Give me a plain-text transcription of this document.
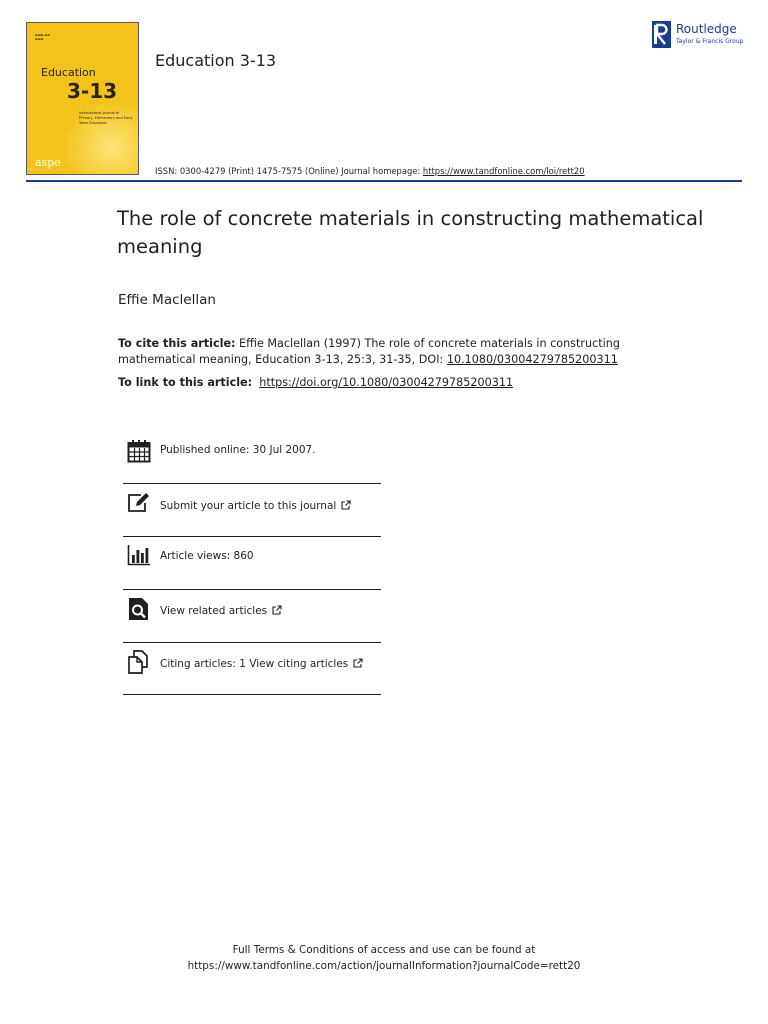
▬▬▬ ▬▬ ▬▬▬
Education
3-13
International Journal of Primary, Elementary and Early Years Education
aspe
Education 3-13
Routledge
Taylor & Francis Group
ISSN: 0300-4279 (Print) 1475-7575 (Online) Journal homepage: https://www.tandfonline.com/loi/rett20
The role of concrete materials in constructing mathematical meaning
Effie Maclellan
To cite this article: Effie Maclellan (1997) The role of concrete materials in constructing mathematical meaning, Education 3-13, 25:3, 31-35, DOI: 10.1080/03004279785200311
To link to this article: https://doi.org/10.1080/03004279785200311
Published online: 30 Jul 2007.
Submit your article to this journal
Article views: 860
View related articles
Citing articles: 1 View citing articles
Full Terms & Conditions of access and use can be found at
https://www.tandfonline.com/action/journalInformation?journalCode=rett20
